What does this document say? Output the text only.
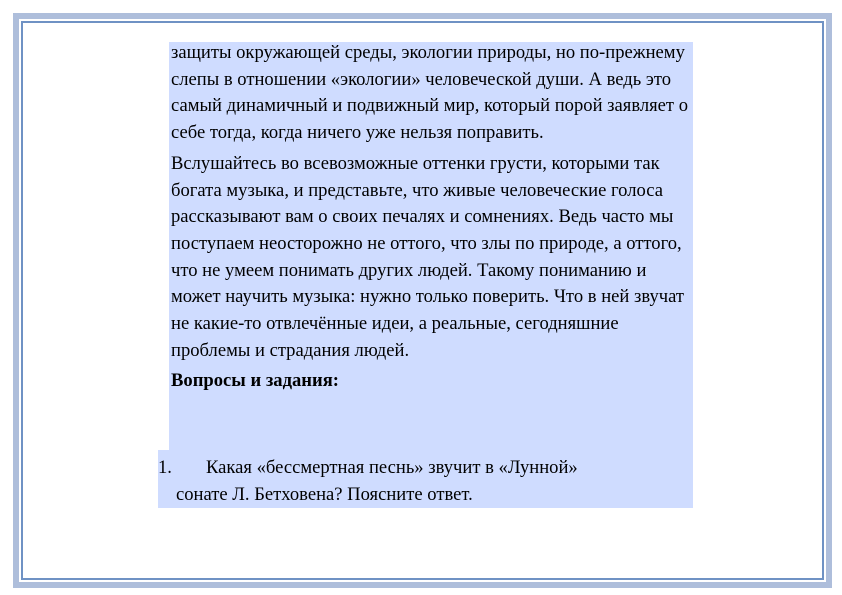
защиты окружающей среды, экологии природы, но по-прежнему слепы в отношении «экологии» человеческой души. А ведь это самый динамичный и подвижный мир, который порой заявляет о себе тогда, когда ничего уже нельзя поправить.

Вслушайтесь во всевозможные оттенки грусти, которыми так богата музыка, и представьте, что живые человеческие голоса рассказывают вам о своих печалях и сомнениях. Ведь часто мы поступаем неосторожно не оттого, что злы по природе, а оттого, что не умеем понимать других людей. Такому пониманию и может научить музыка: нужно только поверить. Что в ней звучат не какие-то отвлечённые идеи, а реальные, сегодняшние проблемы и страдания людей.

Вопросы и задания:

1. Какая «бессмертная песнь» звучит в «Лунной»
сонате Л. Бетховена? Поясните ответ.
